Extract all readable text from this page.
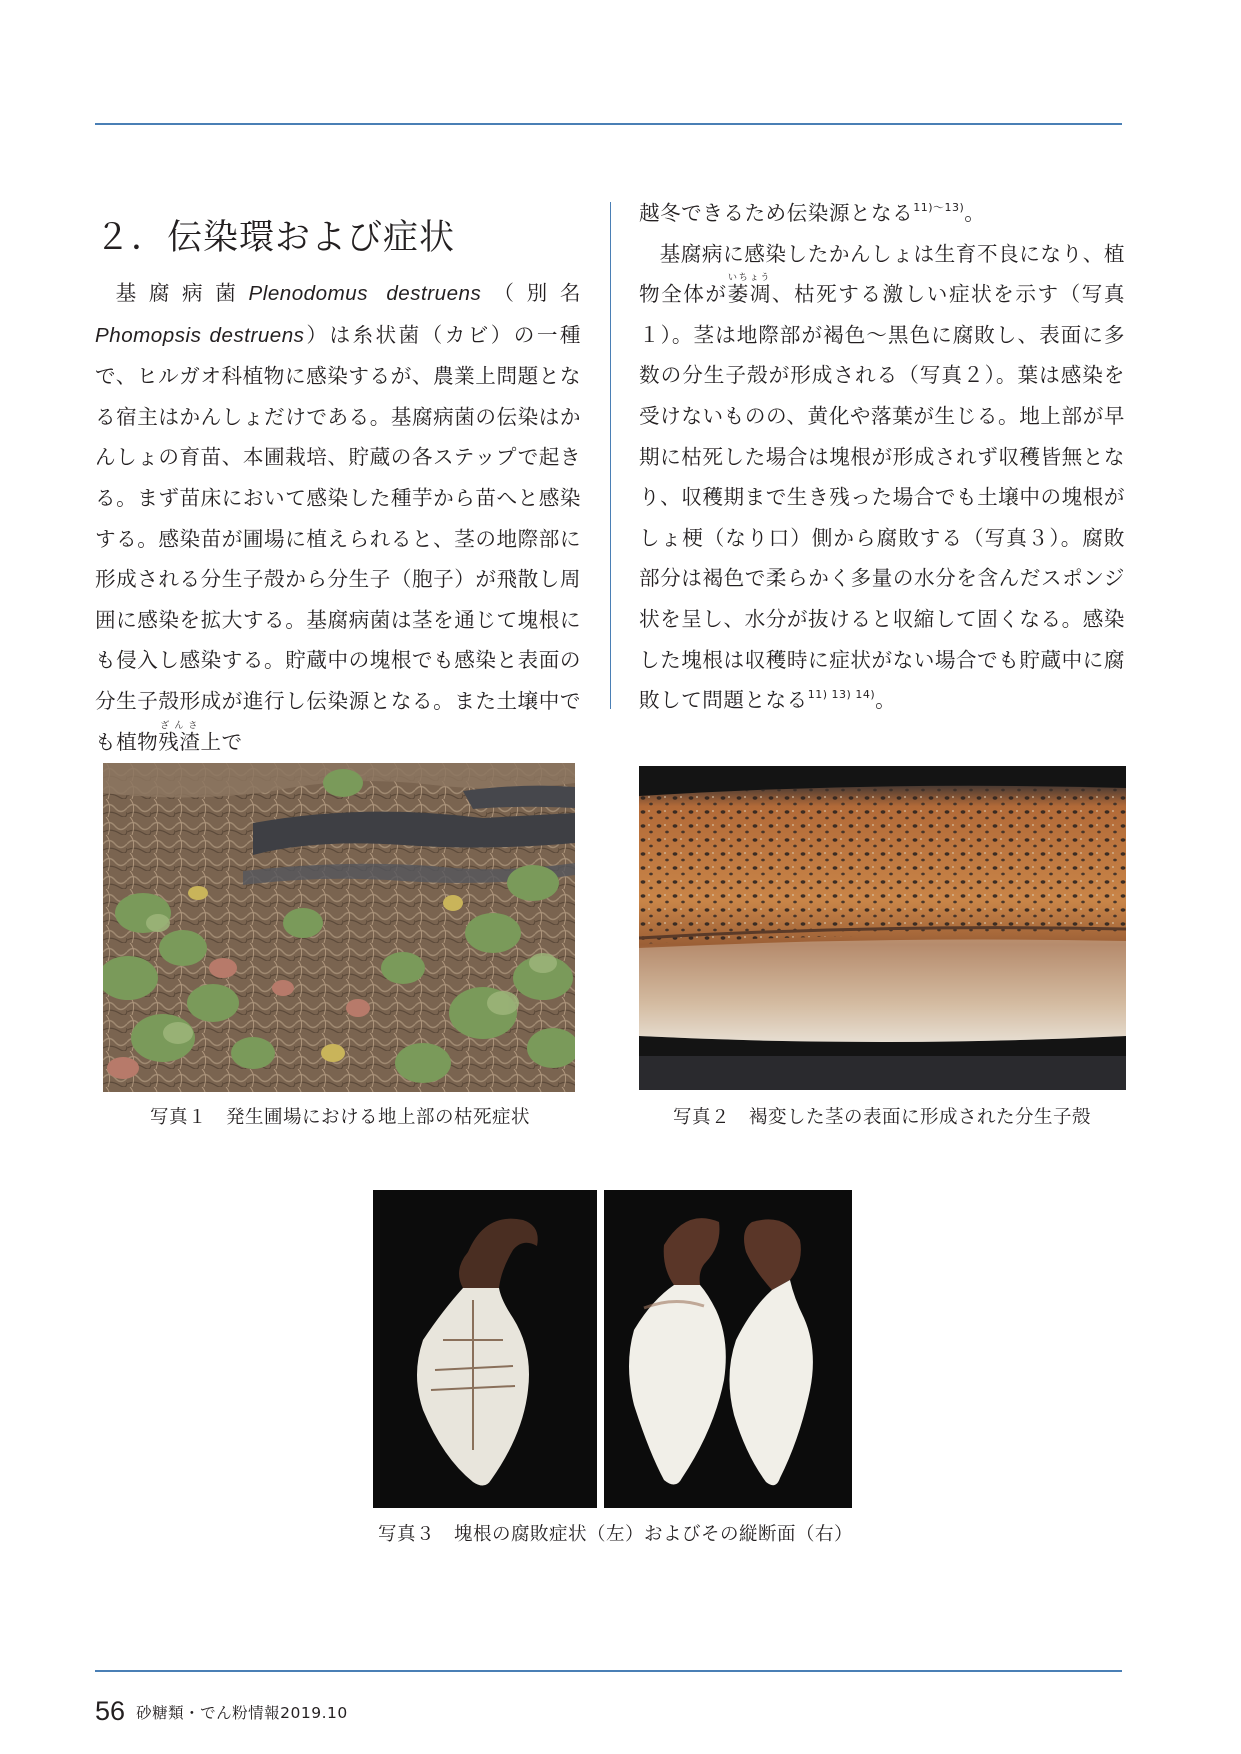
２．伝染環および症状

基腐病菌Plenodomus destruens（別名Phomopsis destruens）は糸状菌（カビ）の一種で、ヒルガオ科植物に感染するが、農業上問題となる宿主はかんしょだけである。基腐病菌の伝染はかんしょの育苗、本圃栽培、貯蔵の各ステップで起きる。まず苗床において感染した種芋から苗へと感染する。感染苗が圃場に植えられると、茎の地際部に形成される分生子殻から分生子（胞子）が飛散し周囲に感染を拡大する。基腐病菌は茎を通じて塊根にも侵入し感染する。貯蔵中の塊根でも感染と表面の分生子殻形成が進行し伝染源となる。また土壌中でも植物残渣ざんさ上で

越冬できるため伝染源となる$^{11)\sim 13)}$。

基腐病に感染したかんしょは生育不良になり、植物全体が萎凋いちょう、枯死する激しい症状を示す（写真１）。茎は地際部が褐色～黒色に腐敗し、表面に多数の分生子殻が形成される（写真２）。葉は感染を受けないものの、黄化や落葉が生じる。地上部が早期に枯死した場合は塊根が形成されず収穫皆無となり、収穫期まで生き残った場合でも土壌中の塊根がしょ梗（なり口）側から腐敗する（写真３）。腐敗部分は褐色で柔らかく多量の水分を含んだスポンジ状を呈し、水分が抜けると収縮して固くなる。感染した塊根は収穫時に症状がない場合でも貯蔵中に腐敗して問題となる$^{11) 13) 14)}$。

写真１　発生圃場における地上部の枯死症状	写真２　褐変した茎の表面に形成された分生子殻
写真３　塊根の腐敗症状（左）およびその縦断面（右）
56 砂糖類・でん粉情報2019.10
